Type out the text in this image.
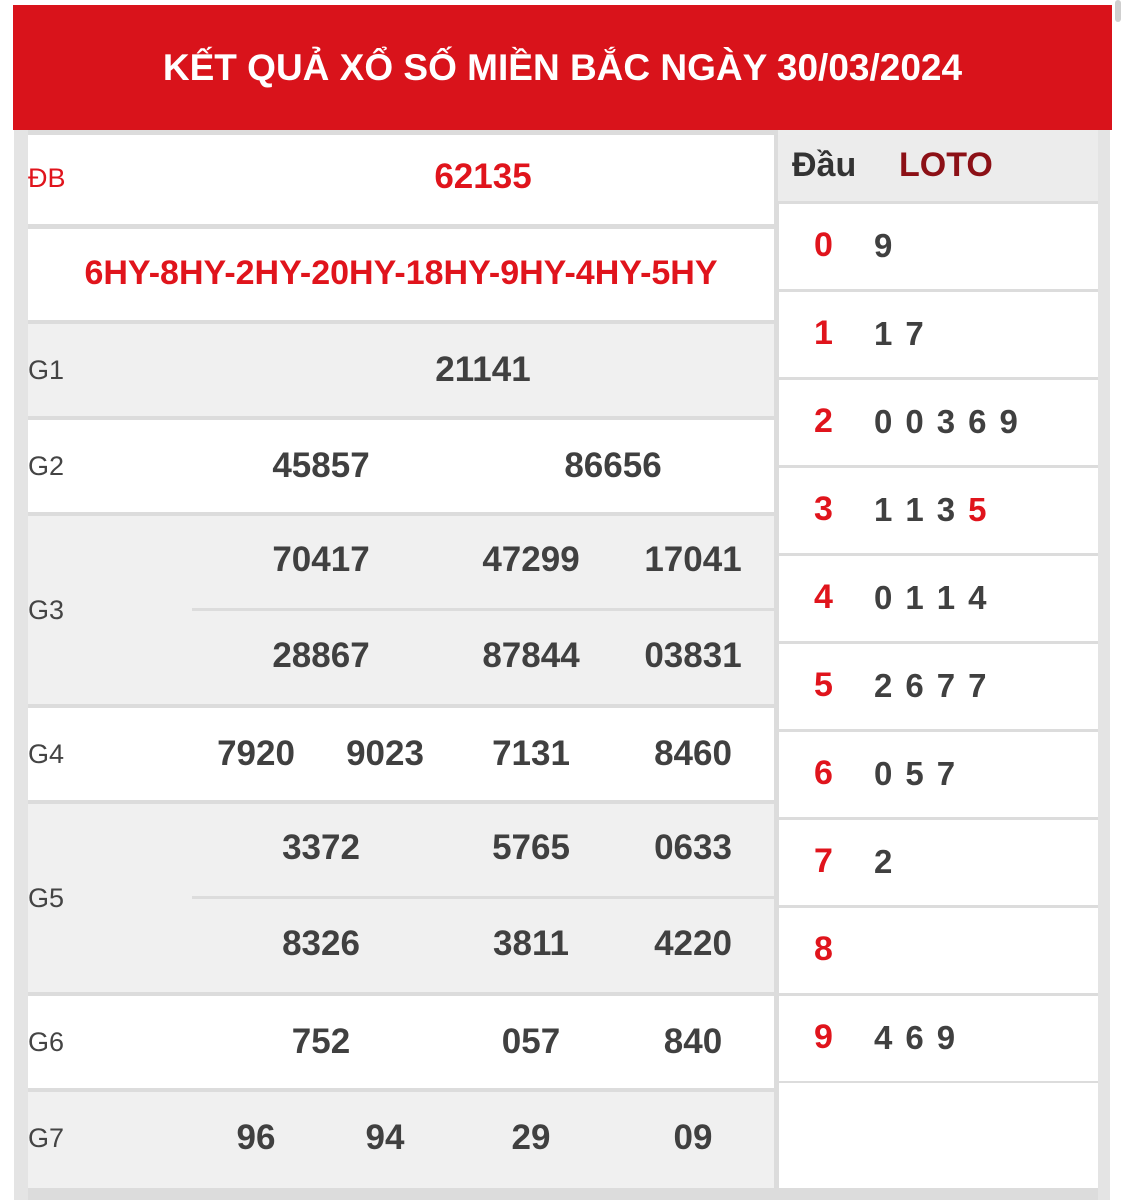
KẾT QUẢ XỔ SỐ MIỀN BẮC NGÀY 30/03/2024
ĐB	62135
6HY-8HY-2HY-20HY-18HY-9HY-4HY-5HY
G1	21141
G2	45857	86656
G3
70417	47299 17041
28867	87844 03831
G4	7920 9023 7131 8460
G5
3372	5765 0633
8326	3811 4220
G6	752	057	840
G7	96	94	29	09
Đầu LOTO
0 9
1 1 7
2 0 0 3 6 9
3 1 1 3 5
4 0 1 1 4
5 2 6 7 7
6 0 5 7
7 2
8
9 4 6 9
